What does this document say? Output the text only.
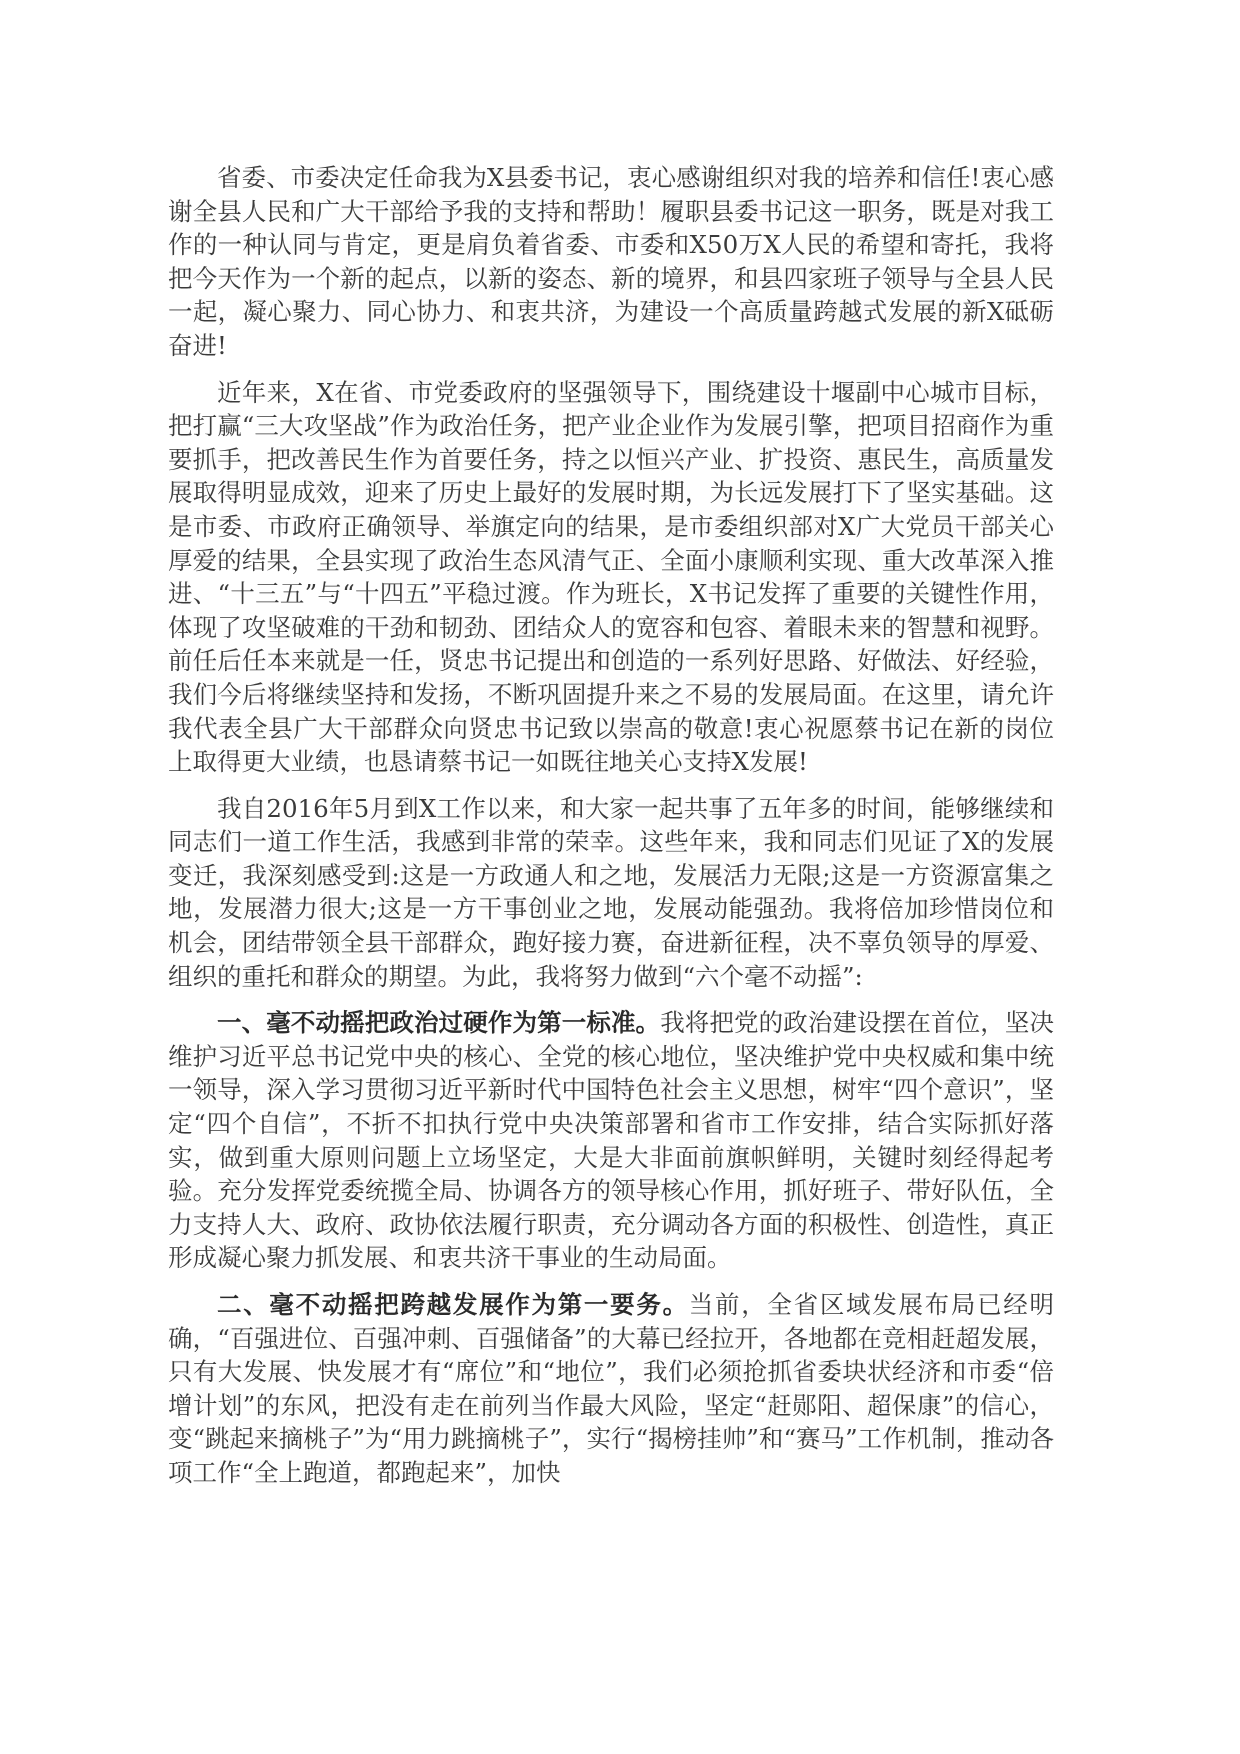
省委、市委决定任命我为X县委书记，衷心感谢组织对我的培养和信任!衷心感谢全县人民和广大干部给予我的支持和帮助！履职县委书记这一职务，既是对我工作的一种认同与肯定，更是肩负着省委、市委和X50万X人民的希望和寄托，我将把今天作为一个新的起点，以新的姿态、新的境界，和县四家班子领导与全县人民一起，凝心聚力、同心协力、和衷共济，为建设一个高质量跨越式发展的新X砥砺奋进!

近年来，X在省、市党委政府的坚强领导下，围绕建设十堰副中心城市目标，把打赢“三大攻坚战”作为政治任务，把产业企业作为发展引擎，把项目招商作为重要抓手，把改善民生作为首要任务，持之以恒兴产业、扩投资、惠民生，高质量发展取得明显成效，迎来了历史上最好的发展时期，为长远发展打下了坚实基础。这是市委、市政府正确领导、举旗定向的结果，是市委组织部对X广大党员干部关心厚爱的结果，全县实现了政治生态风清气正、全面小康顺利实现、重大改革深入推进、“十三五”与“十四五”平稳过渡。作为班长，X书记发挥了重要的关键性作用，体现了攻坚破难的干劲和韧劲、团结众人的宽容和包容、着眼未来的智慧和视野。前任后任本来就是一任，贤忠书记提出和创造的一系列好思路、好做法、好经验，我们今后将继续坚持和发扬，不断巩固提升来之不易的发展局面。在这里，请允许我代表全县广大干部群众向贤忠书记致以崇高的敬意!衷心祝愿蔡书记在新的岗位上取得更大业绩，也恳请蔡书记一如既往地关心支持X发展!

我自2016年5月到X工作以来，和大家一起共事了五年多的时间，能够继续和同志们一道工作生活，我感到非常的荣幸。这些年来，我和同志们见证了X的发展变迁，我深刻感受到:这是一方政通人和之地，发展活力无限;这是一方资源富集之地，发展潜力很大;这是一方干事创业之地，发展动能强劲。我将倍加珍惜岗位和机会，团结带领全县干部群众，跑好接力赛，奋进新征程，决不辜负领导的厚爱、组织的重托和群众的期望。为此，我将努力做到“六个毫不动摇”:

一、毫不动摇把政治过硬作为第一标准。我将把党的政治建设摆在首位，坚决维护习近平总书记党中央的核心、全党的核心地位，坚决维护党中央权威和集中统一领导，深入学习贯彻习近平新时代中国特色社会主义思想，树牢“四个意识”，坚定“四个自信”，不折不扣执行党中央决策部署和省市工作安排，结合实际抓好落实，做到重大原则问题上立场坚定，大是大非面前旗帜鲜明，关键时刻经得起考验。充分发挥党委统揽全局、协调各方的领导核心作用，抓好班子、带好队伍，全力支持人大、政府、政协依法履行职责，充分调动各方面的积极性、创造性，真正形成凝心聚力抓发展、和衷共济干事业的生动局面。

二、毫不动摇把跨越发展作为第一要务。当前，全省区域发展布局已经明确，“百强进位、百强冲刺、百强储备”的大幕已经拉开，各地都在竞相赶超发展，只有大发展、快发展才有“席位”和“地位”，我们必须抢抓省委块状经济和市委“倍增计划”的东风，把没有走在前列当作最大风险，坚定“赶郧阳、超保康”的信心，变“跳起来摘桃子”为“用力跳摘桃子”，实行“揭榜挂帅”和“赛马”工作机制，推动各项工作“全上跑道，都跑起来”，加快
